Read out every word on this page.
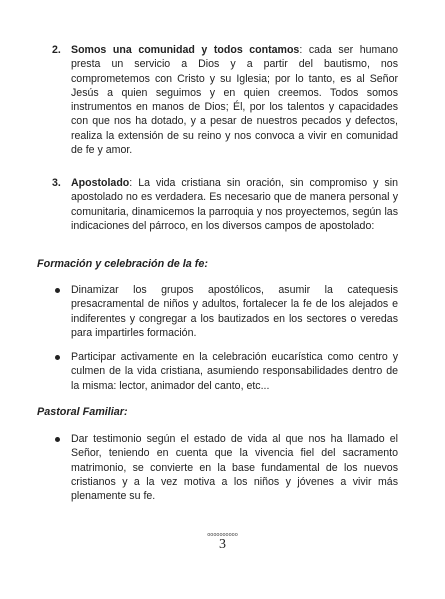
2. Somos una comunidad y todos contamos: cada ser humano presta un servicio a Dios y a partir del bautismo, nos comprometemos con Cristo y su Iglesia; por lo tanto, es al Señor Jesús a quien seguimos y en quien creemos. Todos somos instrumentos en manos de Dios; Él, por los talentos y capacidades con que nos ha dotado, y a pesar de nuestros pecados y defectos, realiza la extensión de su reino y nos convoca a vivir en comunidad de fe y amor.
3. Apostolado: La vida cristiana sin oración, sin compromiso y sin apostolado no es verdadera. Es necesario que de manera personal y comunitaria, dinamicemos la parroquia y nos proyectemos, según las indicaciones del párroco, en los diversos campos de apostolado:
Formación y celebración de la fe:
Dinamizar los grupos apostólicos, asumir la catequesis presacramental de niños y adultos, fortalecer la fe de los alejados e indiferentes y congregar a los bautizados en los sectores o veredas para impartirles formación.
Participar activamente en la celebración eucarística como centro y culmen de la vida cristiana, asumiendo responsabilidades dentro de la misma: lector, animador del canto, etc...
Pastoral Familiar:
Dar testimonio según el estado de vida al que nos ha llamado el Señor, teniendo en cuenta que la vivencia fiel del sacramento matrimonio, se convierte en la base fundamental de los nuevos cristianos y a la vez motiva a los niños y jóvenes a vivir más plenamente su fe.
oooooooooo
3
